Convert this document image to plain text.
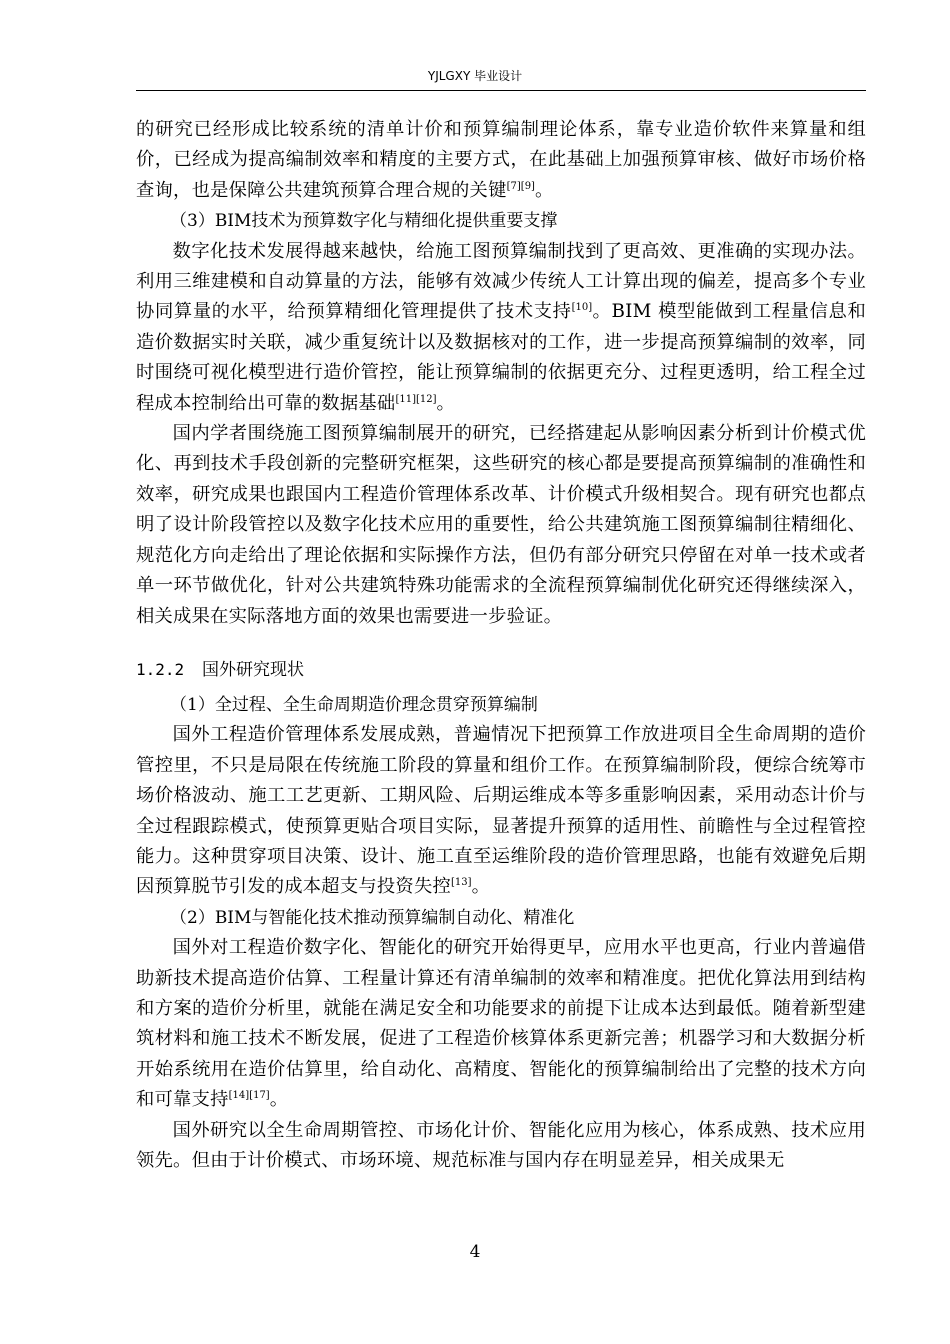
YJLGXY 毕业设计

的研究已经形成比较系统的清单计价和预算编制理论体系，靠专业造价软件来算量和组价，已经成为提高编制效率和精度的主要方式，在此基础上加强预算审核、做好市场价格查询，也是保障公共建筑预算合理合规的关键[7][9]。

（3）BIM技术为预算数字化与精细化提供重要支撑

数字化技术发展得越来越快，给施工图预算编制找到了更高效、更准确的实现办法。利用三维建模和自动算量的方法，能够有效减少传统人工计算出现的偏差，提高多个专业协同算量的水平，给预算精细化管理提供了技术支持[10]。BIM 模型能做到工程量信息和造价数据实时关联，减少重复统计以及数据核对的工作，进一步提高预算编制的效率，同时围绕可视化模型进行造价管控，能让预算编制的依据更充分、过程更透明，给工程全过程成本控制给出可靠的数据基础[11][12]。

国内学者围绕施工图预算编制展开的研究，已经搭建起从影响因素分析到计价模式优化、再到技术手段创新的完整研究框架，这些研究的核心都是要提高预算编制的准确性和效率，研究成果也跟国内工程造价管理体系改革、计价模式升级相契合。现有研究也都点明了设计阶段管控以及数字化技术应用的重要性，给公共建筑施工图预算编制往精细化、规范化方向走给出了理论依据和实际操作方法，但仍有部分研究只停留在对单一技术或者单一环节做优化，针对公共建筑特殊功能需求的全流程预算编制优化研究还得继续深入，相关成果在实际落地方面的效果也需要进一步验证。

1.2.2 国外研究现状

（1）全过程、全生命周期造价理念贯穿预算编制

国外工程造价管理体系发展成熟，普遍情况下把预算工作放进项目全生命周期的造价管控里，不只是局限在传统施工阶段的算量和组价工作。在预算编制阶段，便综合统筹市场价格波动、施工工艺更新、工期风险、后期运维成本等多重影响因素，采用动态计价与全过程跟踪模式，使预算更贴合项目实际，显著提升预算的适用性、前瞻性与全过程管控能力。这种贯穿项目决策、设计、施工直至运维阶段的造价管理思路，也能有效避免后期因预算脱节引发的成本超支与投资失控[13]。

（2）BIM与智能化技术推动预算编制自动化、精准化

国外对工程造价数字化、智能化的研究开始得更早，应用水平也更高，行业内普遍借助新技术提高造价估算、工程量计算还有清单编制的效率和精准度。把优化算法用到结构和方案的造价分析里，就能在满足安全和功能要求的前提下让成本达到最低。随着新型建筑材料和施工技术不断发展，促进了工程造价核算体系更新完善；机器学习和大数据分析开始系统用在造价估算里，给自动化、高精度、智能化的预算编制给出了完整的技术方向和可靠支持[14][17]。

国外研究以全生命周期管控、市场化计价、智能化应用为核心，体系成熟、技术应用领先。但由于计价模式、市场环境、规范标准与国内存在明显差异，相关成果无

4
